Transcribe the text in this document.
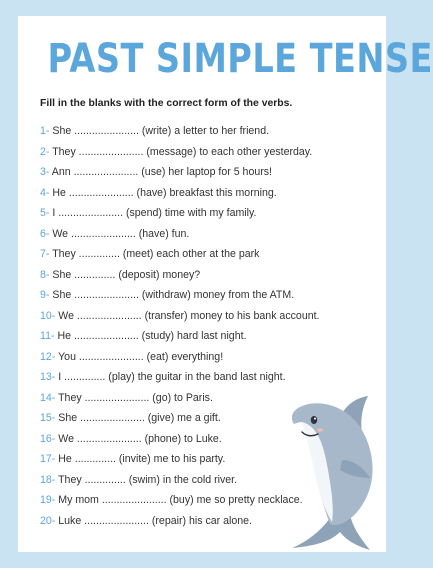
PAST SIMPLE TENSE
Fill in the blanks with the correct form of the verbs.
1- She ...................... (write) a letter to her friend.
2- They ...................... (message) to each other yesterday.
3- Ann ...................... (use) her laptop for 5 hours!
4- He ...................... (have) breakfast this morning.
5- I ...................... (spend) time with my family.
6- We ...................... (have) fun.
7- They .............. (meet) each other at the park
8- She .............. (deposit) money?
9- She ...................... (withdraw) money from the ATM.
10- We ...................... (transfer) money to his bank account.
11- He ...................... (study) hard last night.
12- You ...................... (eat) everything!
13- I .............. (play) the guitar in the band last night.
14- They ...................... (go) to Paris.
15- She ...................... (give) me a gift.
16- We ...................... (phone) to Luke.
17- He .............. (invite) me to his party.
18- They .............. (swim) in the cold river.
19- My mom ...................... (buy) me so pretty necklace.
20- Luke ...................... (repair) his car alone.
